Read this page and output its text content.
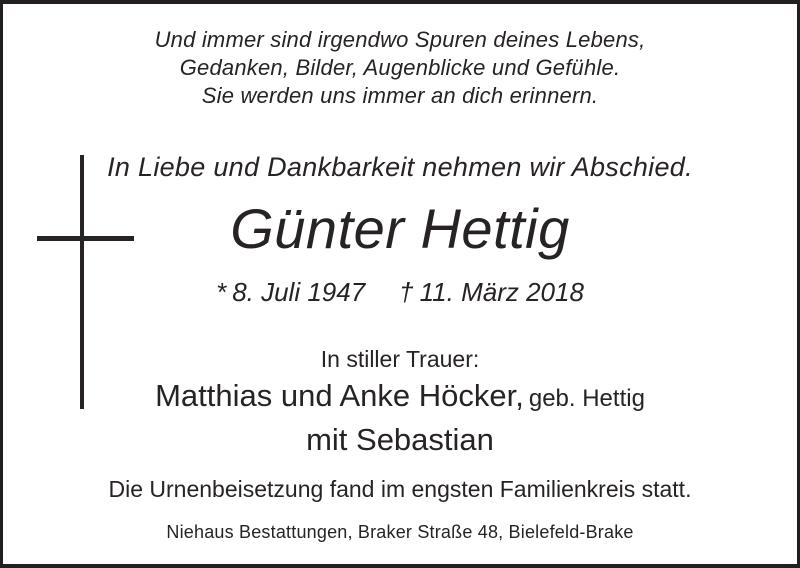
Und immer sind irgendwo Spuren deines Lebens,
Gedanken, Bilder, Augenblicke und Gefühle.
Sie werden uns immer an dich erinnern.
In Liebe und Dankbarkeit nehmen wir Abschied.
Günter Hettig
* 8. Juli 1947 † 11. März 2018
In stiller Trauer:
Matthias und Anke Höcker, geb. Hettig
mit Sebastian
Die Urnenbeisetzung fand im engsten Familienkreis statt.
Niehaus Bestattungen, Braker Straße 48, Bielefeld-Brake
